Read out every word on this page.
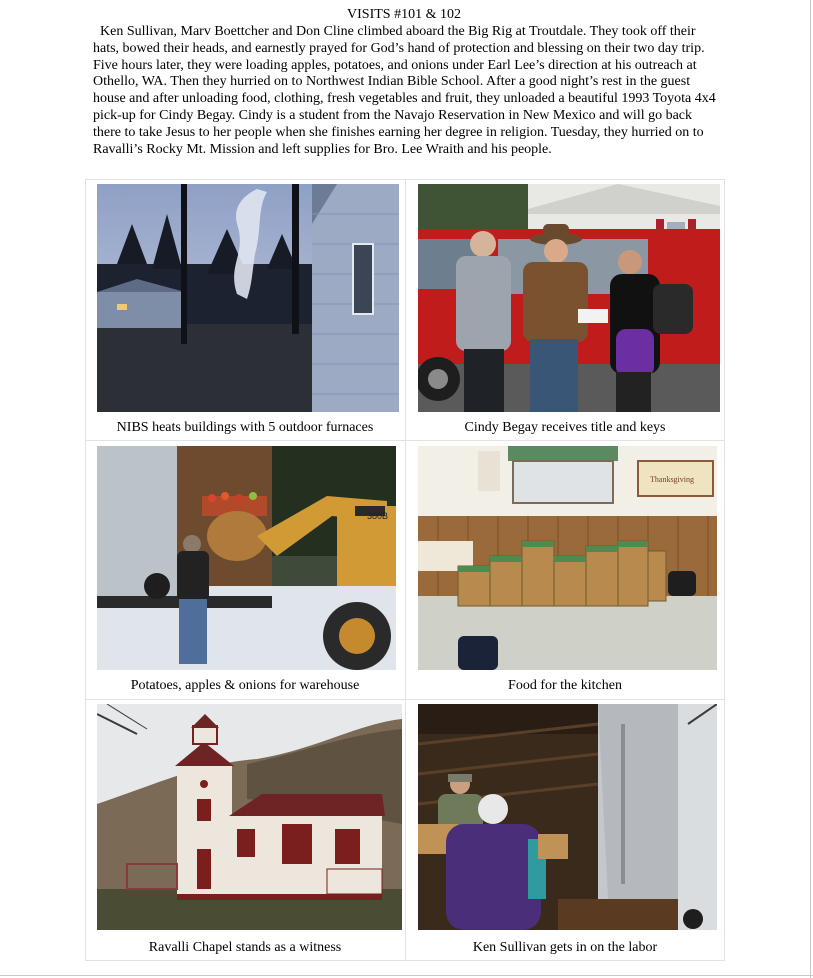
VISITS #101 & 102

Ken Sullivan, Marv Boettcher and Don Cline climbed aboard the Big Rig at Troutdale. They took off their hats, bowed their heads, and earnestly prayed for God’s hand of protection and blessing on their two day trip. Five hours later, they were loading apples, potatoes, and onions under Earl Lee’s direction at his outreach at Othello, WA. Then they hurried on to Northwest Indian Bible School. After a good night’s rest in the guest house and after unloading food, clothing, fresh vegetables and fruit, they unloaded a beautiful 1993 Toyota 4x4 pick-up for Cindy Begay. Cindy is a student from the Navajo Reservation in New Mexico and will go back there to take Jesus to her people when she finishes earning her degree in religion. Tuesday, they hurried on to Ravalli’s Rocky Mt. Mission and left supplies for Bro. Lee Wraith and his people.

NIBS heats buildings with 5 outdoor furnaces	Cindy Begay receives title and keys
380B
Thanksgiving
Potatoes, apples & onions for warehouse	Food for the kitchen
Ravalli Chapel stands as a witness	Ken Sullivan gets in on the labor
